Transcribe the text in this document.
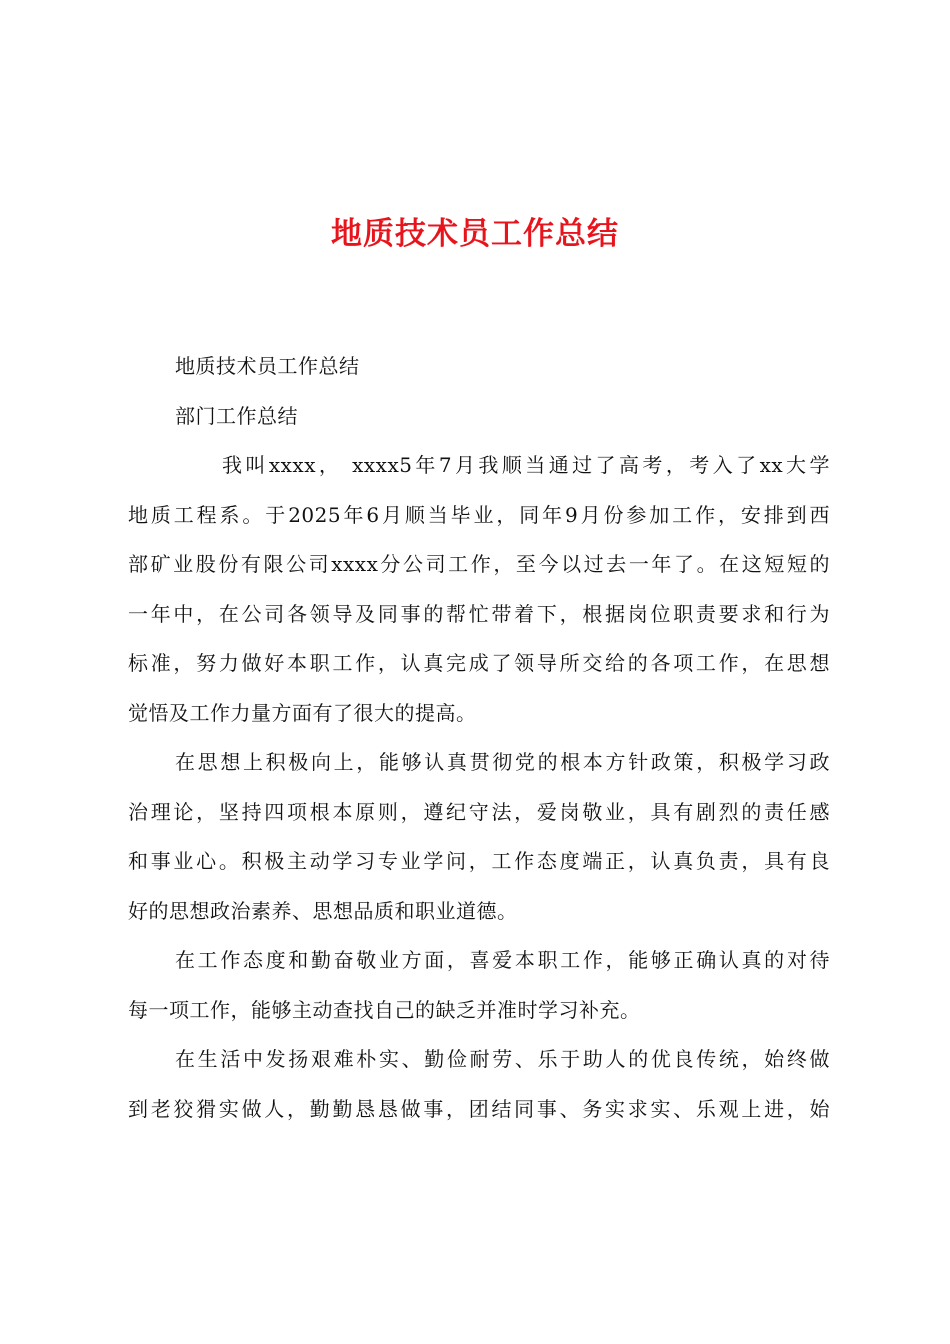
地质技术员工作总结
地质技术员工作总结
部门工作总结
我叫xxxx， xxxx5年7月我顺当通过了高考，考入了xx大学
地质工程系。于2025年6月顺当毕业，同年9月份参加工作，安排到西
部矿业股份有限公司xxxx分公司工作，至今以过去一年了。在这短短的
一年中，在公司各领导及同事的帮忙带着下，根据岗位职责要求和行为
标准，努力做好本职工作，认真完成了领导所交给的各项工作，在思想
觉悟及工作力量方面有了很大的提高。
在思想上积极向上，能够认真贯彻党的根本方针政策，积极学习政
治理论，坚持四项根本原则，遵纪守法，爱岗敬业，具有剧烈的责任感
和事业心。积极主动学习专业学问，工作态度端正，认真负责，具有良
好的思想政治素养、思想品质和职业道德。
在工作态度和勤奋敬业方面，喜爱本职工作，能够正确认真的对待
每一项工作，能够主动查找自己的缺乏并准时学习补充。
在生活中发扬艰难朴实、勤俭耐劳、乐于助人的优良传统，始终做
到老狡猾实做人，勤勤恳恳做事，团结同事、务实求实、乐观上进，始
